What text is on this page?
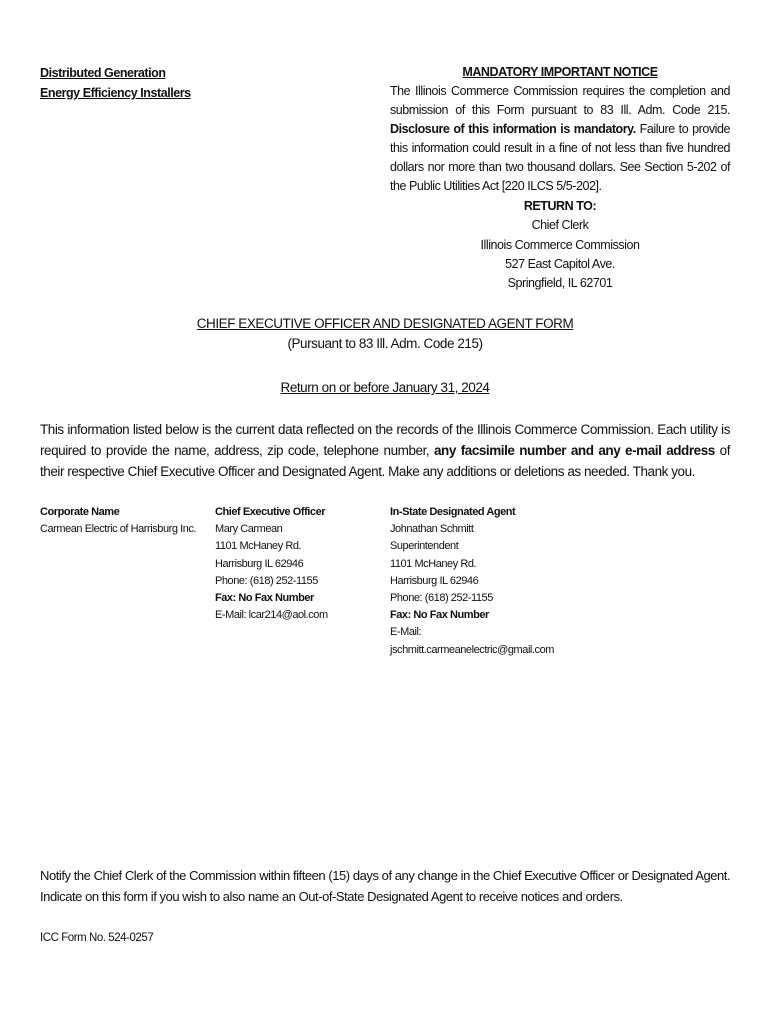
Distributed Generation
Energy Efficiency Installers
MANDATORY IMPORTANT NOTICE
The Illinois Commerce Commission requires the completion and submission of this Form pursuant to 83 Ill. Adm. Code 215. Disclosure of this information is mandatory. Failure to provide this information could result in a fine of not less than five hundred dollars nor more than two thousand dollars. See Section 5-202 of the Public Utilities Act [220 ILCS 5/5-202].
RETURN TO:
Chief Clerk
Illinois Commerce Commission
527 East Capitol Ave.
Springfield, IL 62701
CHIEF EXECUTIVE OFFICER AND DESIGNATED AGENT FORM
(Pursuant to 83 Ill. Adm. Code 215)
Return on or before January 31, 2024
This information listed below is the current data reflected on the records of the Illinois Commerce Commission. Each utility is required to provide the name, address, zip code, telephone number, any facsimile number and any e-mail address of their respective Chief Executive Officer and Designated Agent. Make any additions or deletions as needed. Thank you.
Corporate Name
Carmean Electric of Harrisburg Inc.
Chief Executive Officer
Mary Carmean
1101 McHaney Rd.
Harrisburg IL 62946
Phone: (618) 252-1155
Fax: No Fax Number
E-Mail: lcar214@aol.com
In-State Designated Agent
Johnathan Schmitt
Superintendent
1101 McHaney Rd.
Harrisburg IL 62946
Phone: (618) 252-1155
Fax: No Fax Number
E-Mail:
jschmitt.carmeanelectric@gmail.com
Notify the Chief Clerk of the Commission within fifteen (15) days of any change in the Chief Executive Officer or Designated Agent.
Indicate on this form if you wish to also name an Out-of-State Designated Agent to receive notices and orders.
ICC Form No. 524-0257
